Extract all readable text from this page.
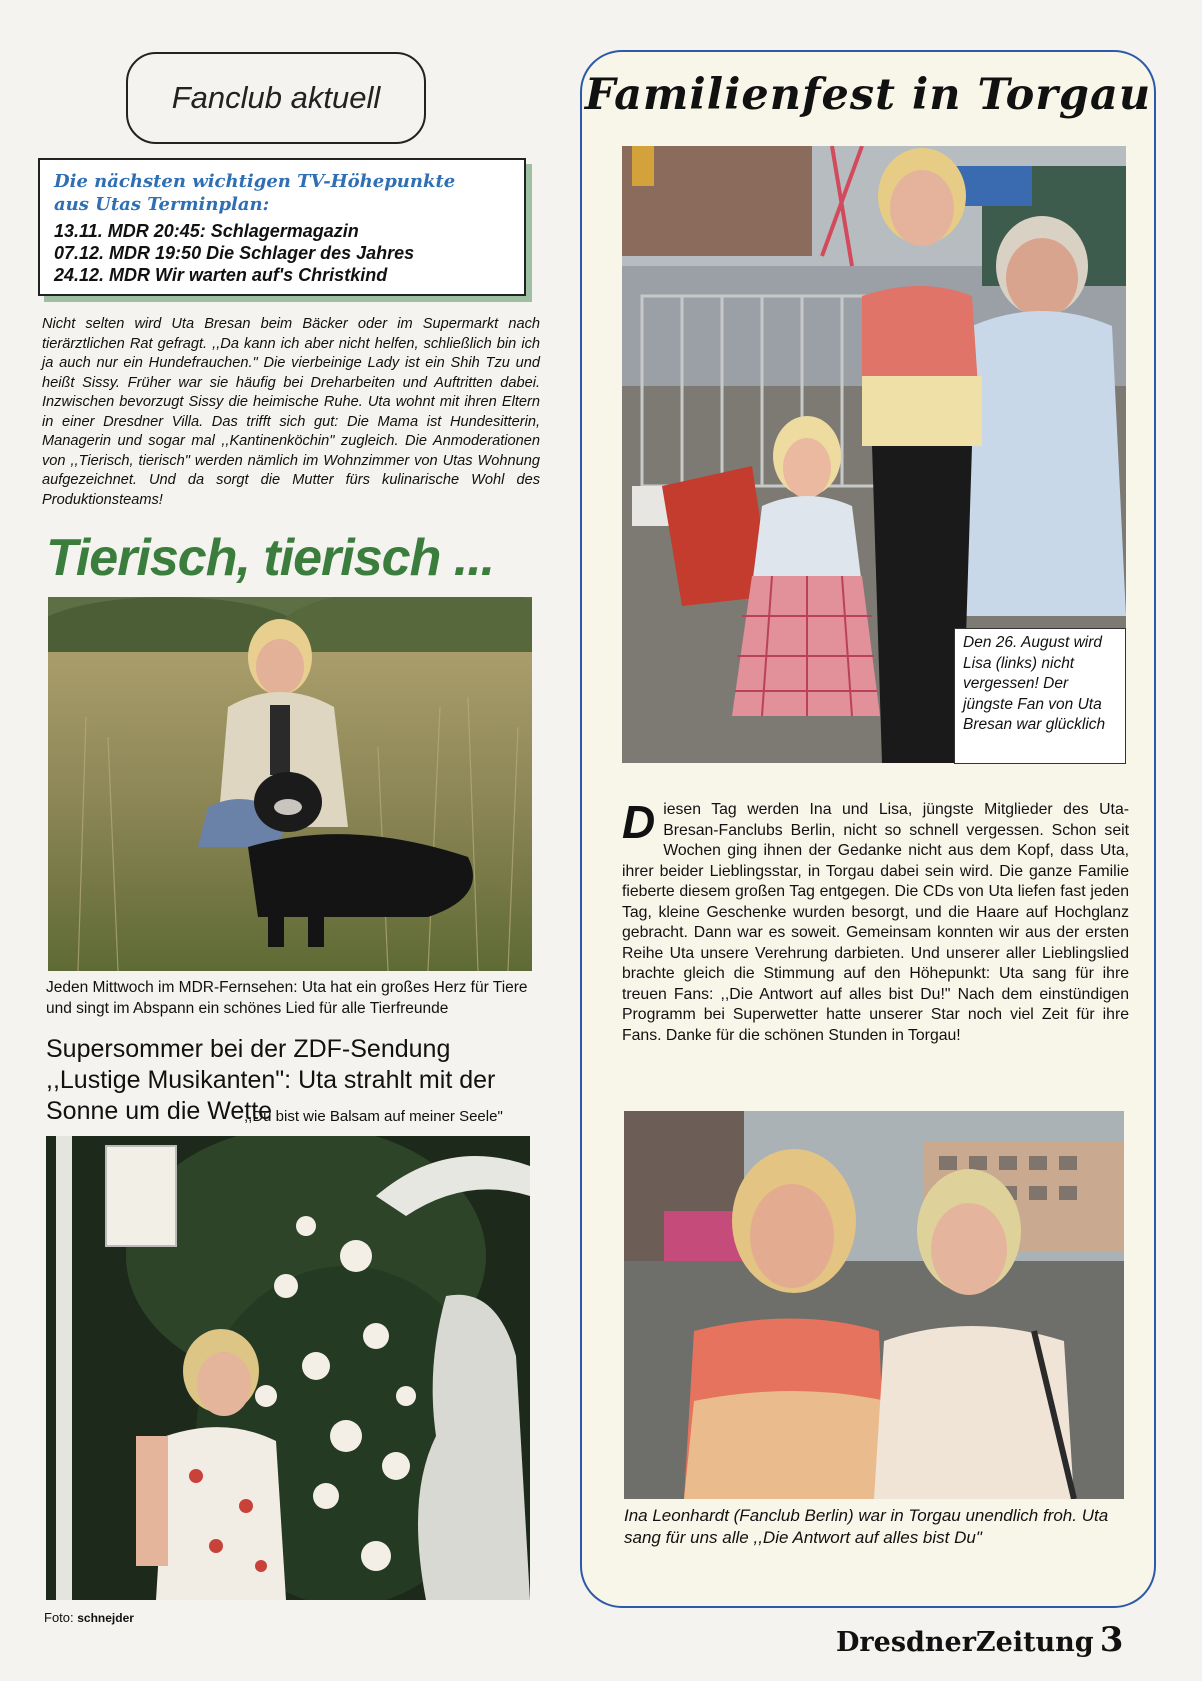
Fanclub aktuell
Die nächsten wichtigen TV-Höhepunkte
aus Utas Terminplan:
13.11. MDR 20:45: Schlagermagazin
07.12. MDR 19:50 Die Schlager des Jahres
24.12. MDR Wir warten auf's Christkind
Nicht selten wird Uta Bresan beim Bäcker oder im Supermarkt nach tierärztlichen Rat gefragt. ,,Da kann ich aber nicht helfen, schließlich bin ich ja auch nur ein Hundefrauchen." Die vierbeinige Lady ist ein Shih Tzu und heißt Sissy. Früher war sie häufig bei Dreharbeiten und Auftritten dabei. Inzwischen bevorzugt Sissy die heimische Ruhe. Uta wohnt mit ihren Eltern in einer Dresdner Villa. Das trifft sich gut: Die Mama ist Hundesitterin, Managerin und sogar mal ,,Kantinenköchin" zugleich. Die Anmoderationen von ,,Tierisch, tierisch" werden nämlich im Wohnzimmer von Utas Wohnung aufgezeichnet. Und da sorgt die Mutter fürs kulinarische Wohl des Produktionsteams!
Tierisch, tierisch ...
Jeden Mittwoch im MDR-Fernsehen: Uta hat ein großes Herz für Tiere und singt im Abspann ein schönes Lied für alle Tierfreunde
Supersommer bei der ZDF-Sendung ,,Lustige Musikanten": Uta strahlt mit der Sonne um die Wette
,,Du bist wie Balsam auf meiner Seele"
Foto: schnejder
Familienfest in Torgau
Den 26. August wird Lisa (links) nicht vergessen! Der jüngste Fan von Uta Bresan war glücklich
Diesen Tag werden Ina und Lisa, jüngste Mitglieder des Uta-Bresan-Fanclubs Berlin, nicht so schnell vergessen. Schon seit Wochen ging ihnen der Gedanke nicht aus dem Kopf, dass Uta, ihrer beider Lieblingsstar, in Torgau dabei sein wird. Die ganze Familie fieberte diesem großen Tag entgegen. Die CDs von Uta liefen fast jeden Tag, kleine Geschenke wurden besorgt, und die Haare auf Hochglanz gebracht. Dann war es soweit. Gemeinsam konnten wir aus der ersten Reihe Uta unsere Verehrung darbieten. Und unserer aller Lieblingslied brachte gleich die Stimmung auf den Höhepunkt: Uta sang für ihre treuen Fans: ,,Die Antwort auf alles bist Du!" Nach dem einstündigen Programm bei Superwetter hatte unserer Star noch viel Zeit für ihre Fans. Danke für die schönen Stunden in Torgau!
Ina Leonhardt (Fanclub Berlin) war in Torgau unendlich froh. Uta sang für uns alle ,,Die Antwort auf alles bist Du"
DresdnerZeitung 3
